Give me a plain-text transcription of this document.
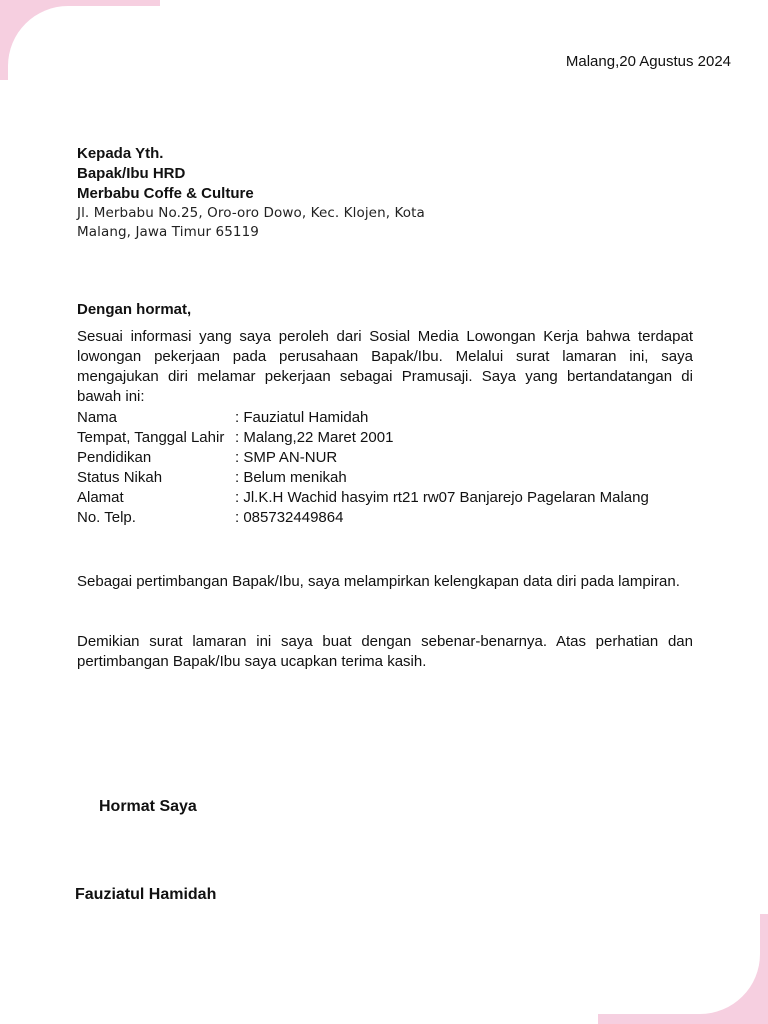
Malang,20 Agustus 2024
Kepada Yth.
Bapak/Ibu HRD
Merbabu Coffe & Culture
Jl. Merbabu No.25, Oro-oro Dowo, Kec. Klojen, Kota
Malang, Jawa Timur 65119
Dengan hormat,
Sesuai informasi yang saya peroleh dari Sosial Media Lowongan Kerja bahwa terdapat lowongan pekerjaan pada perusahaan Bapak/Ibu. Melalui surat lamaran ini, saya mengajukan diri melamar pekerjaan sebagai Pramusaji. Saya yang bertandatangan di bawah ini:
Nama	: Fauziatul Hamidah
Tempat, Tanggal Lahir : Malang,22 Maret 2001
Pendidikan	: SMP AN-NUR
Status Nikah	: Belum menikah
Alamat	: Jl.K.H Wachid hasyim rt21 rw07 Banjarejo Pagelaran Malang
No. Telp.	: 085732449864
Sebagai pertimbangan Bapak/Ibu, saya melampirkan kelengkapan data diri pada lampiran.
Demikian surat lamaran ini saya buat dengan sebenar-benarnya. Atas perhatian dan pertimbangan Bapak/Ibu saya ucapkan terima kasih.
Hormat Saya
Fauziatul Hamidah
